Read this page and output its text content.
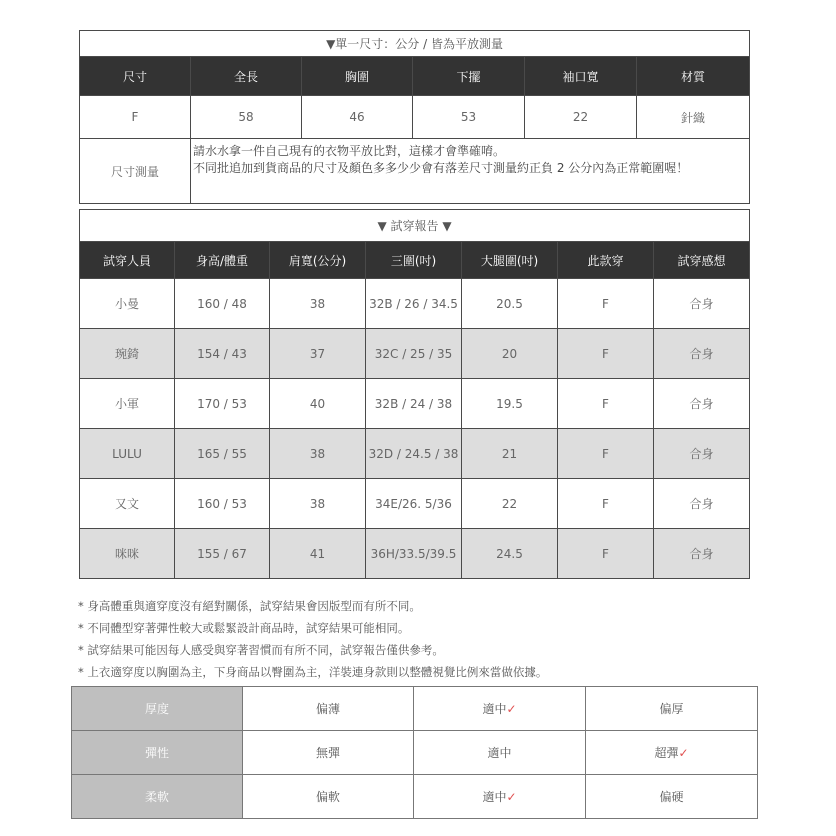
▼單一尺寸：公分 / 皆為平放測量					
尺寸	全長	胸圍	下擺	袖口寬	材質
F	58	46	53	22	針織
尺寸測量	請水水拿一件自己現有的衣物平放比對，這樣才會準確唷。
不同批追加到貨商品的尺寸及顏色多多少少會有落差尺寸測量約正負 2 公分內為正常範圍喔！				
▼ 試穿報告 ▼						
試穿人員	身高/體重	肩寬(公分)	三圍(吋)	大腿圍(吋)	此款穿	試穿感想
小曼	160 / 48	38	32B / 26 / 34.5	20.5	F	合身
琬錡	154 / 43	37	32C / 25 / 35	20	F	合身
小軍	170 / 53	40	32B / 24 / 38	19.5	F	合身
LULU	165 / 55	38	32D / 24.5 / 38	21	F	合身
又文	160 / 53	38	34E/26. 5/36	22	F	合身
咪咪	155 / 67	41	36H/33.5/39.5	24.5	F	合身
* 身高體重與適穿度沒有絕對關係，試穿結果會因版型而有所不同。
* 不同體型穿著彈性較大或鬆緊設計商品時，試穿結果可能相同。
* 試穿結果可能因每人感受與穿著習慣而有所不同，試穿報告僅供參考。
* 上衣適穿度以胸圍為主，下身商品以臀圍為主，洋裝連身款則以整體視覺比例來當做依據。
厚度	偏薄	適中✓	偏厚
彈性	無彈	適中	超彈✓
柔軟	偏軟	適中✓	偏硬
